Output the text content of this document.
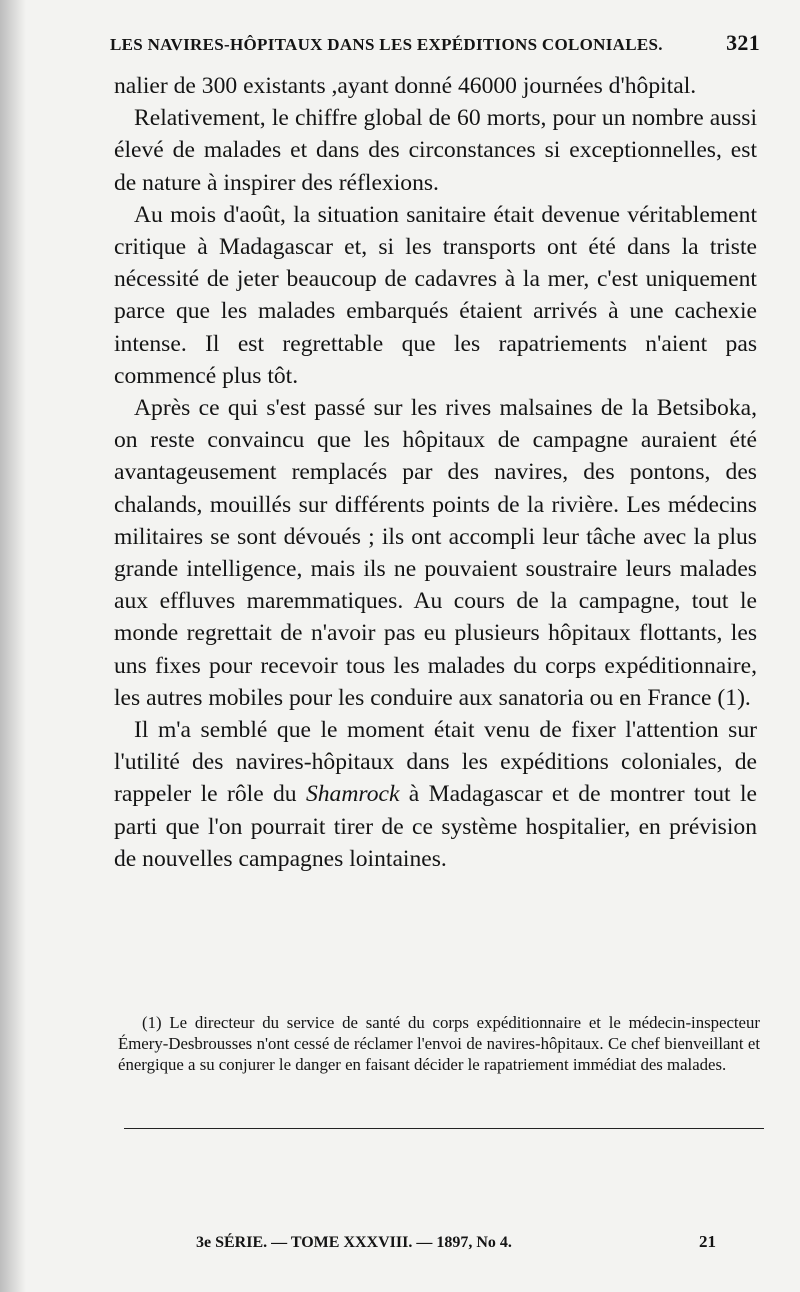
LES NAVIRES-HÔPITAUX DANS LES EXPÉDITIONS COLONIALES.	321

nalier de 300 existants ,ayant donné 46000 journées d'hôpital.

Relativement, le chiffre global de 60 morts, pour un nombre aussi élevé de malades et dans des circonstances si exceptionnelles, est de nature à inspirer des réflexions.

Au mois d'août, la situation sanitaire était devenue véritablement critique à Madagascar et, si les transports ont été dans la triste nécessité de jeter beaucoup de cadavres à la mer, c'est uniquement parce que les malades embarqués étaient arrivés à une cachexie intense. Il est regrettable que les rapatriements n'aient pas commencé plus tôt.

Après ce qui s'est passé sur les rives malsaines de la Betsiboka, on reste convaincu que les hôpitaux de campagne auraient été avantageusement remplacés par des navires, des pontons, des chalands, mouillés sur différents points de la rivière. Les médecins militaires se sont dévoués ; ils ont accompli leur tâche avec la plus grande intelligence, mais ils ne pouvaient soustraire leurs malades aux effluves maremmatiques. Au cours de la campagne, tout le monde regrettait de n'avoir pas eu plusieurs hôpitaux flottants, les uns fixes pour recevoir tous les malades du corps expéditionnaire, les autres mobiles pour les conduire aux sanatoria ou en France (1).

Il m'a semblé que le moment était venu de fixer l'attention sur l'utilité des navires-hôpitaux dans les expéditions coloniales, de rappeler le rôle du Shamrock à Madagascar et de montrer tout le parti que l'on pourrait tirer de ce système hospitalier, en prévision de nouvelles campagnes lointaines.

(1) Le directeur du service de santé du corps expéditionnaire et le médecin-inspecteur Émery-Desbrousses n'ont cessé de réclamer l'envoi de navires-hôpitaux. Ce chef bienveillant et énergique a su conjurer le danger en faisant décider le rapatriement immédiat des malades.

3e SÉRIE. — TOME XXXVIII. — 1897, No 4.	21
